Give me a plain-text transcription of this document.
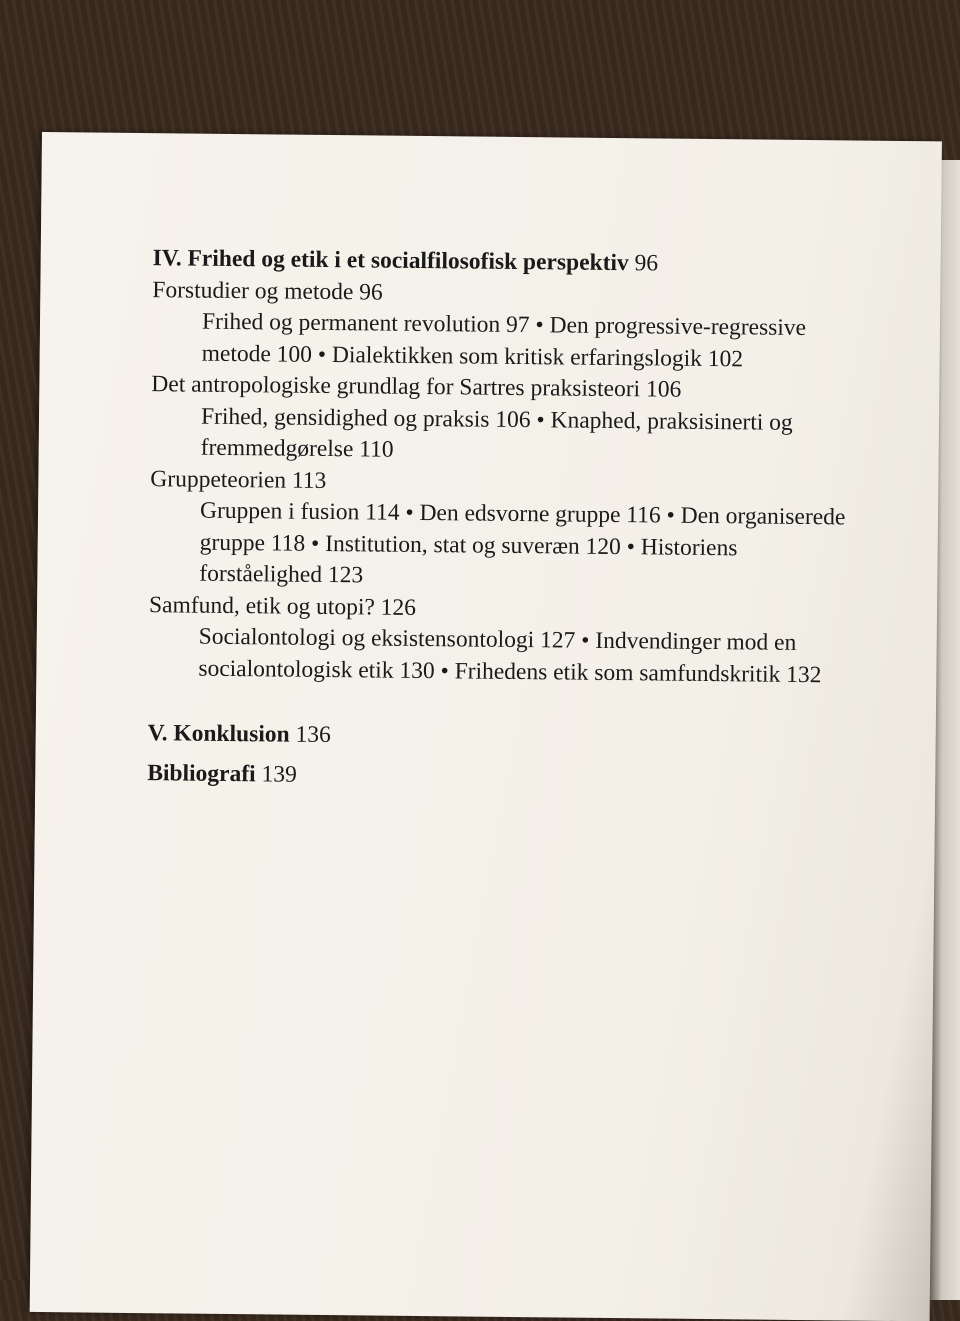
IV. Frihed og etik i et socialfilosofisk perspektiv 96
Forstudier og metode 96
Frihed og permanent revolution 97 • Den progressive-regressive metode 100 • Dialektikken som kritisk erfaringslogik 102
Det antropologiske grundlag for Sartres praksisteori 106
Frihed, gensidighed og praksis 106 • Knaphed, praksisinerti og fremmedgørelse 110
Gruppeteorien 113
Gruppen i fusion 114 • Den edsvorne gruppe 116 • Den organiserede gruppe 118 • Institution, stat og suveræn 120 • Historiens forståelighed 123
Samfund, etik og utopi? 126
Socialontologi og eksistensontologi 127 • Indvendinger mod en socialontologisk etik 130 • Frihedens etik som samfundskritik 132
V. Konklusion 136
Bibliografi 139
